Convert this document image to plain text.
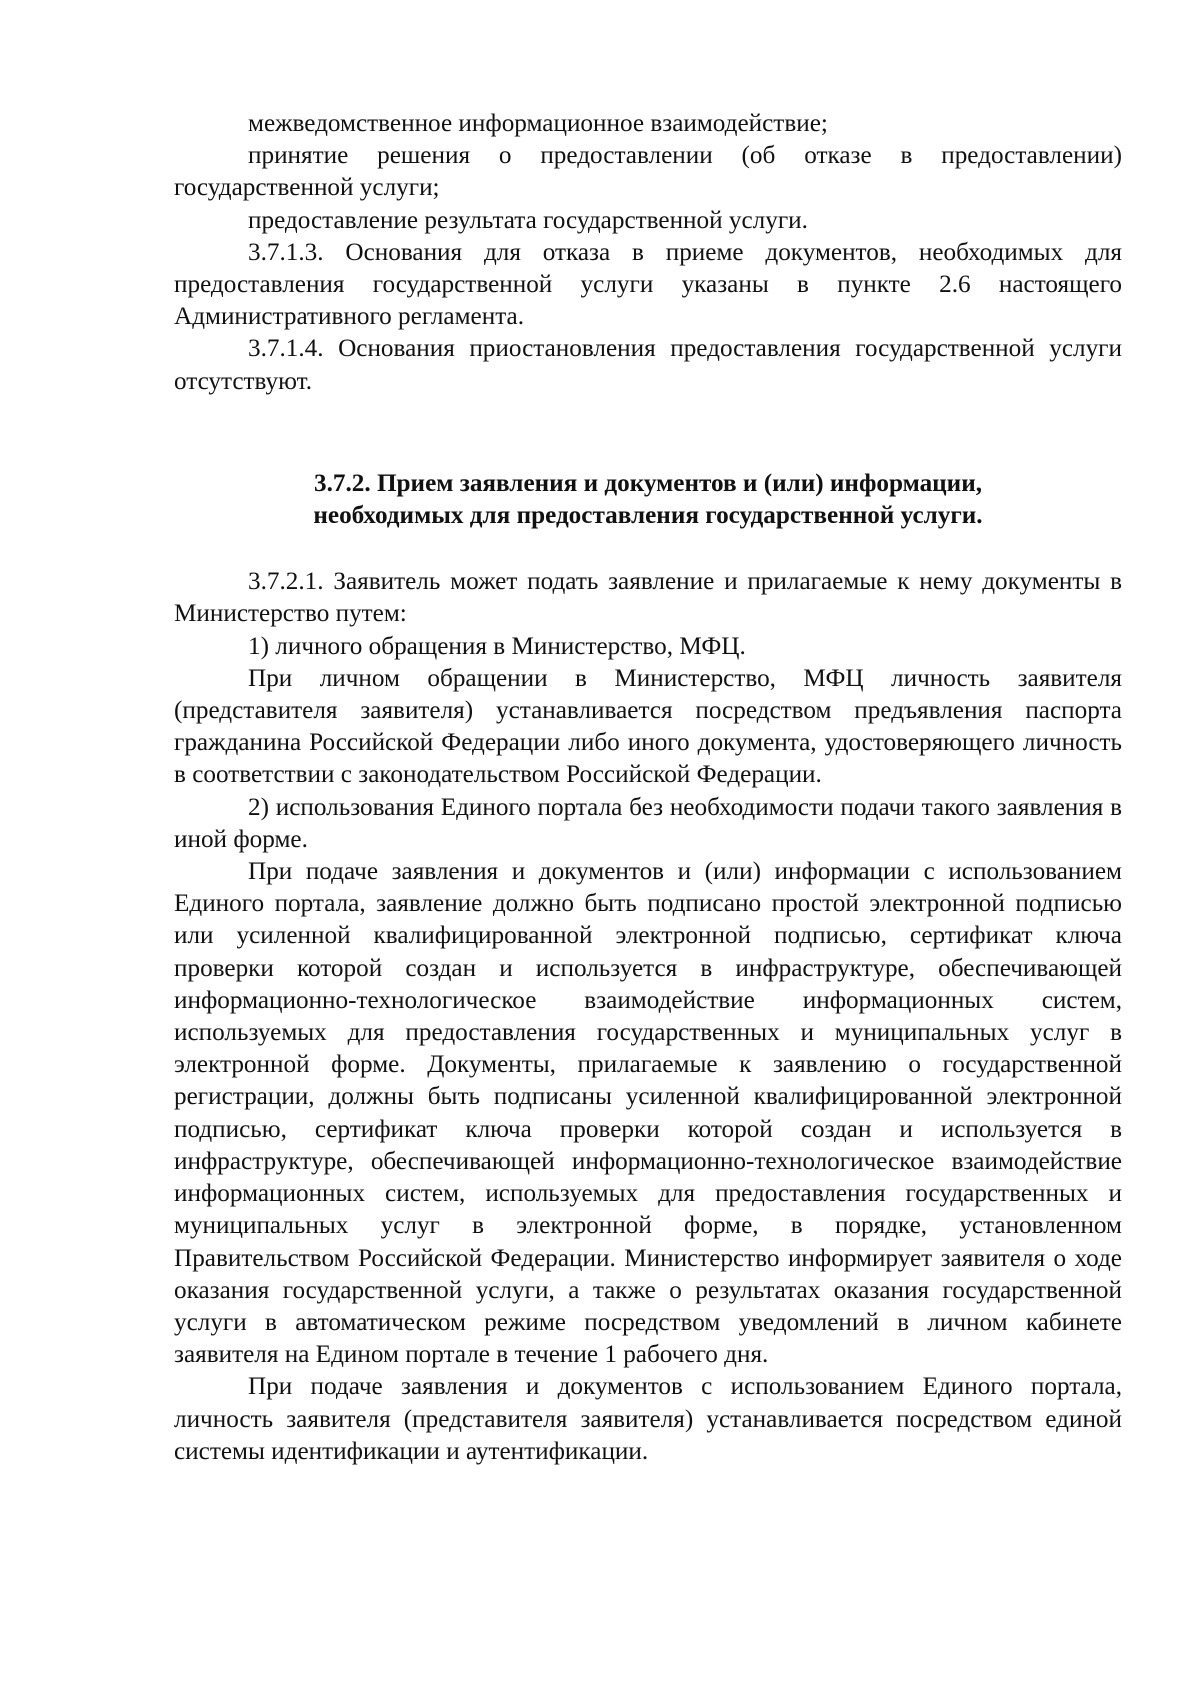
межведомственное информационное взаимодействие;

принятие решения о предоставлении (об отказе в предоставлении) государственной услуги;

предоставление результата государственной услуги.

3.7.1.3. Основания для отказа в приеме документов, необходимых для предоставления государственной услуги указаны в пункте 2.6 настоящего Административного регламента.

3.7.1.4. Основания приостановления предоставления государственной услуги отсутствуют.

3.7.2. Прием заявления и документов и (или) информации,
необходимых для предоставления государственной услуги.

3.7.2.1. Заявитель может подать заявление и прилагаемые к нему документы в Министерство путем:

1) личного обращения в Министерство, МФЦ.

При личном обращении в Министерство, МФЦ личность заявителя (представителя заявителя) устанавливается посредством предъявления паспорта гражданина Российской Федерации либо иного документа, удостоверяющего личность в соответствии с законодательством Российской Федерации.

2) использования Единого портала без необходимости подачи такого заявления в иной форме.

При подаче заявления и документов и (или) информации с использованием Единого портала, заявление должно быть подписано простой электронной подписью или усиленной квалифицированной электронной подписью, сертификат ключа проверки которой создан и используется в инфраструктуре, обеспечивающей информационно-технологическое взаимодействие информационных систем, используемых для предоставления государственных и муниципальных услуг в электронной форме. Документы, прилагаемые к заявлению о государственной регистрации, должны быть подписаны усиленной квалифицированной электронной подписью, сертификат ключа проверки которой создан и используется в инфраструктуре, обеспечивающей информационно-технологическое взаимодействие информационных систем, используемых для предоставления государственных и муниципальных услуг в электронной форме, в порядке, установленном Правительством Российской Федерации. Министерство информирует заявителя о ходе оказания государственной услуги, а также о результатах оказания государственной услуги в автоматическом режиме посредством уведомлений в личном кабинете заявителя на Едином портале в течение 1 рабочего дня.

При подаче заявления и документов с использованием Единого портала, личность заявителя (представителя заявителя) устанавливается посредством единой системы идентификации и аутентификации.
